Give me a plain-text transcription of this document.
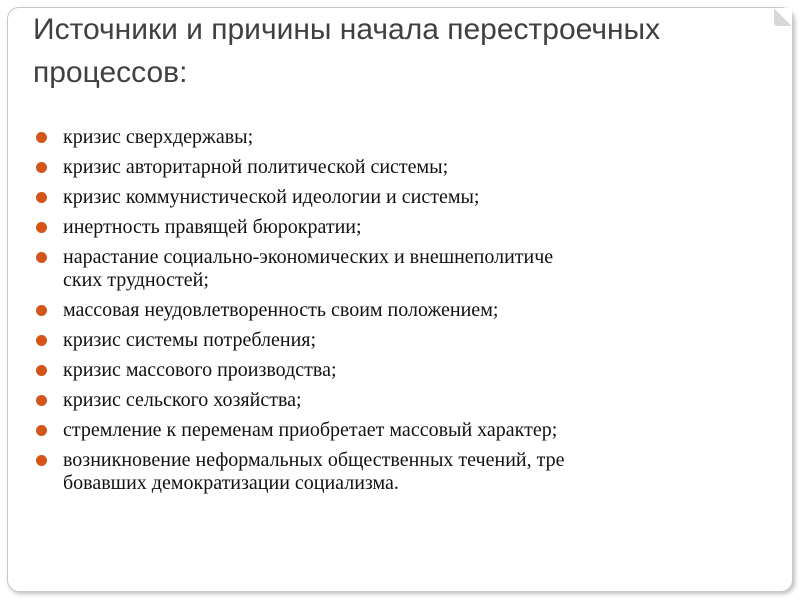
Источники и причины начала перестроечных процессов:
кризис сверхдержавы;
кризис авторитарной политической системы;
кризис коммунистической идеологии и системы;
инертность правящей бюрократии;
нарастание социально-экономических и внешнеполитиче
ских трудностей;
массовая неудовлетворенность своим положением;
кризис системы потребления;
кризис массового производства;
кризис сельского хозяйства;
стремление к переменам приобретает массовый характер;
возникновение неформальных общественных течений, тре
бовавших демократизации социализма.
